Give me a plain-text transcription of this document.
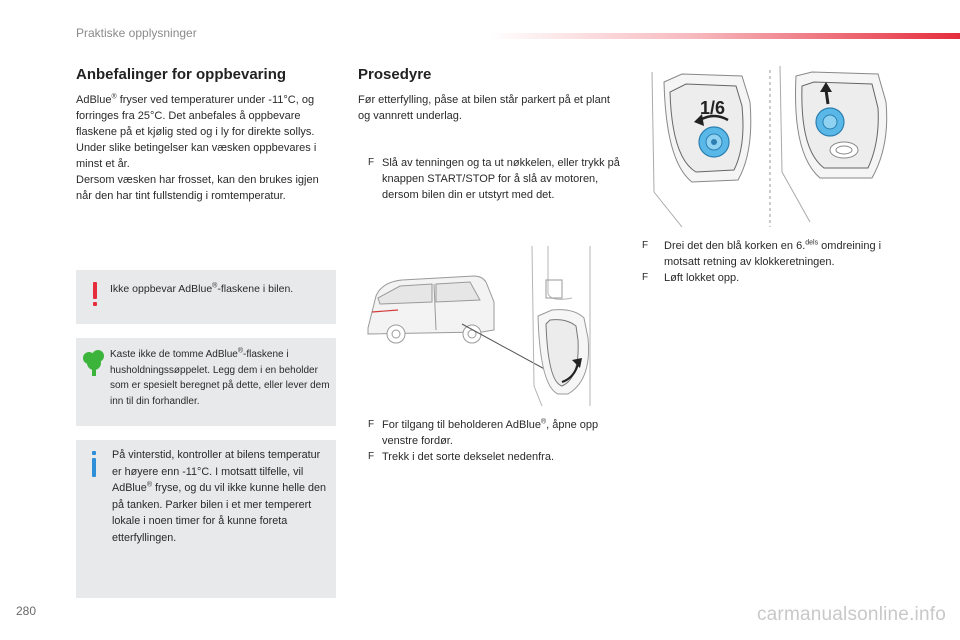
Praktiske opplysninger
Anbefalinger for oppbevaring

AdBlue® fryser ved temperaturer under -11°C, og forringes fra 25°C. Det anbefales å oppbevare flaskene på et kjølig sted og i ly for direkte sollys.

Under slike betingelser kan væsken oppbevares i minst et år.

Dersom væsken har frosset, kan den brukes igjen når den har tint fullstendig i romtemperatur.

Ikke oppbevar AdBlue®-flaskene i bilen.
Kaste ikke de tomme AdBlue®-flaskene i husholdningssøppelet. Legg dem i en beholder som er spesielt beregnet på dette, eller lever dem inn til din forhandler.
På vinterstid, kontroller at bilens temperatur er høyere enn -11°C. I motsatt tilfelle, vil AdBlue® fryse, og du vil ikke kunne helle den på tanken. Parker bilen i et mer temperert lokale i noen timer for å kunne foreta etterfyllingen.
Prosedyre
Før etterfylling, påse at bilen står parkert på et plant og vannrett underlag.
F Slå av tenningen og ta ut nøkkelen, eller trykk på knappen START/STOP for å slå av motoren, dersom bilen din er utstyrt med det.
F For tilgang til beholderen AdBlue®, åpne opp venstre fordør.
F Trekk i det sorte dekselet nedenfra.
1/6
F Drei det den blå korken en 6.$^{dels}$ omdreining i motsatt retning av klokkeretningen.
F Løft lokket opp.
280	carmanualsonline.info
